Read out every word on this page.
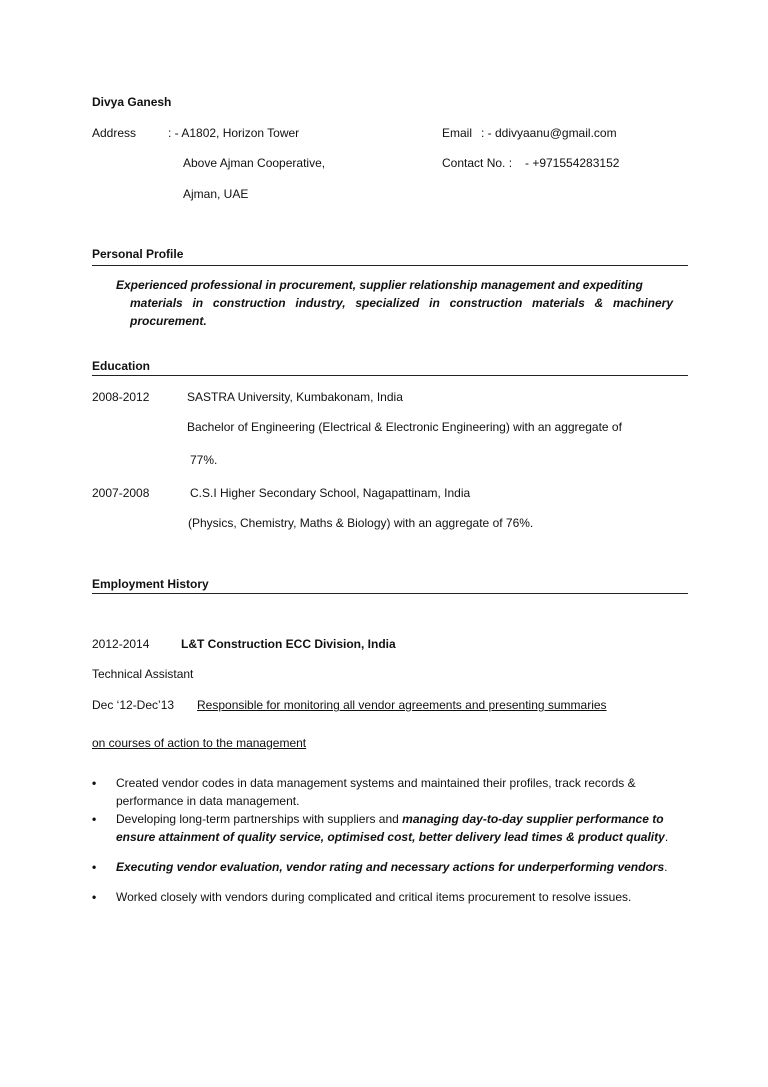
Divya Ganesh
Address	: - A1802, Horizon Tower
Above Ajman Cooperative,
Ajman, UAE
Email : - ddivyaanu@gmail.com
Contact No. : - +971554283152
Personal Profile
Experienced professional in procurement, supplier relationship management and expediting
materials in construction industry, specialized in construction materials & machinery procurement.
Education
2008-2012	SASTRA University, Kumbakonam, India
Bachelor of Engineering (Electrical & Electronic Engineering) with an aggregate of
77%.
2007-2008	C.S.I Higher Secondary School, Nagapattinam, India
(Physics, Chemistry, Maths & Biology) with an aggregate of 76%.
Employment History
2012-2014	L&T Construction ECC Division, India
Technical Assistant
Dec ‘12-Dec’13 Responsible for monitoring all vendor agreements and presenting summaries
on courses of action to the management
• Created vendor codes in data management systems and maintained their profiles, track records & performance in data management.
• Developing long-term partnerships with suppliers and managing day-to-day supplier performance to ensure attainment of quality service, optimised cost, better delivery lead times & product quality.
• Executing vendor evaluation, vendor rating and necessary actions for underperforming vendors.
• Worked closely with vendors during complicated and critical items procurement to resolve issues.
